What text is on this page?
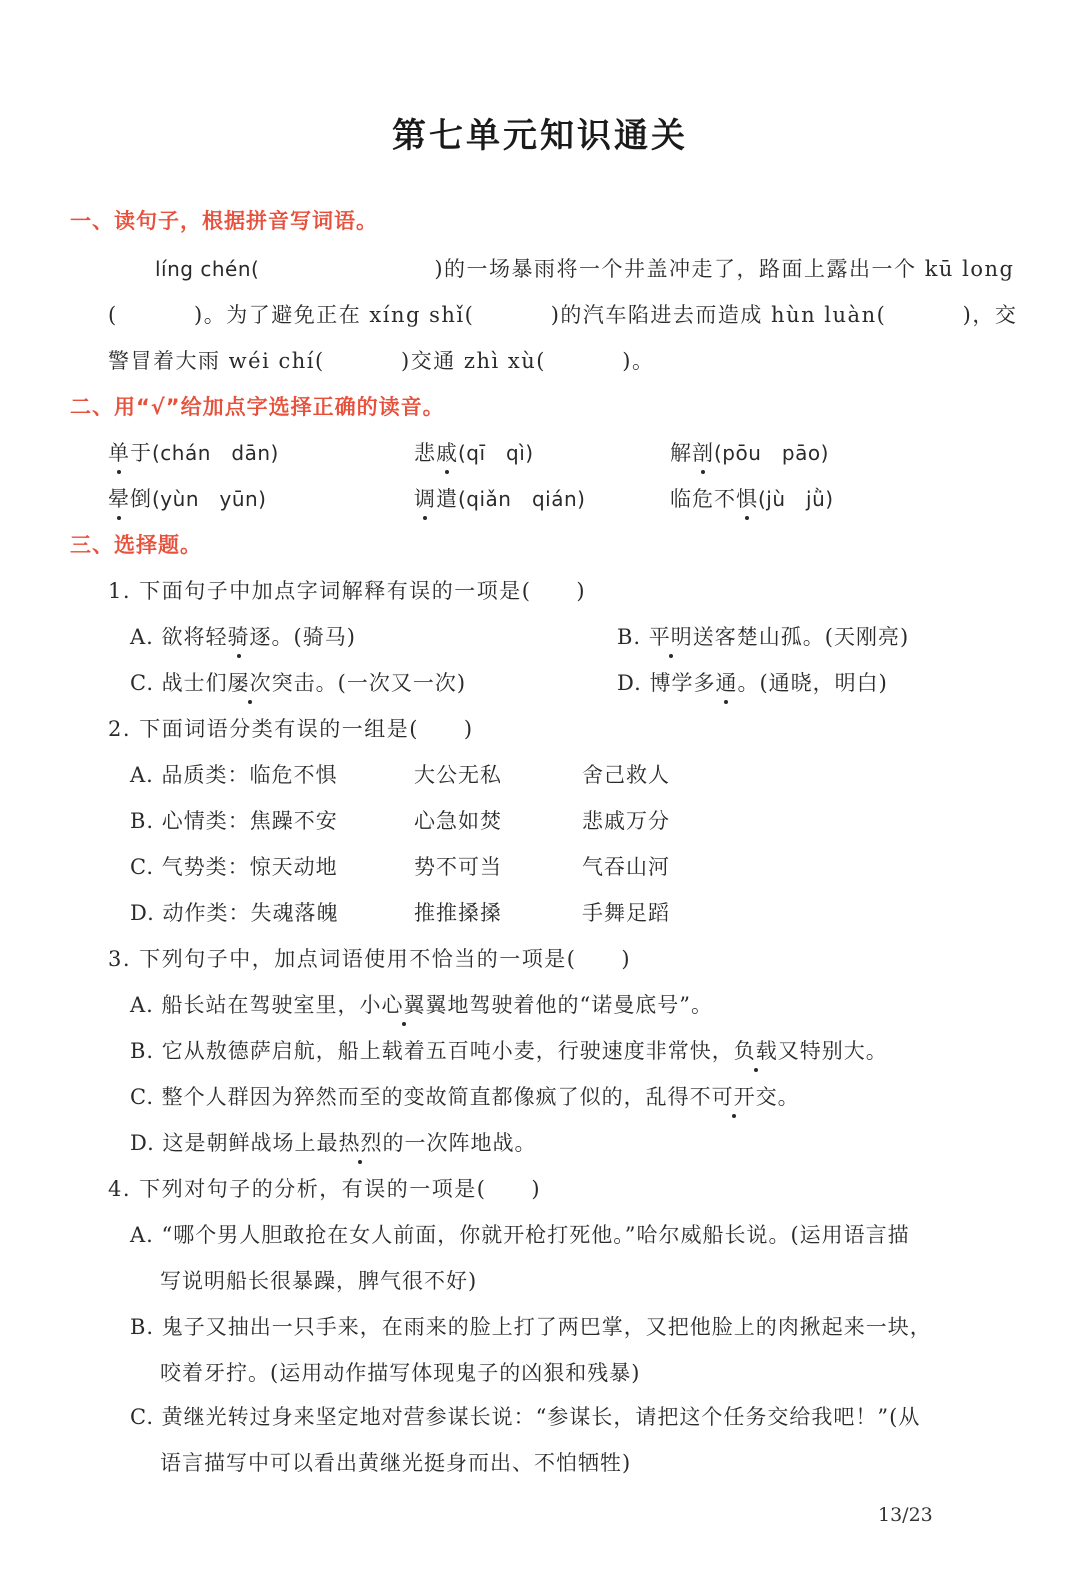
第七单元知识通关
一、读句子，根据拼音写词语。
líng chén(	)的一场暴雨将一个井盖冲走了，路面上露出一个 kū long
(	)。为了避免正在 xíng shǐ(	)的汽车陷进去而造成 hùn luàn(	)，交
警冒着大雨 wéi chí(	)交通 zhì xù(	)。
二、用“√”给加点字选择正确的读音。
单于(chán　dān)	悲戚(qī　qì)	解剖(pōu　pāo)
晕倒(yùn　yūn)	调遣(qiǎn　qián)	临危不惧(jù　jǜ)
三、选择题。
1. 下面句子中加点字词解释有误的一项是(　　)
A. 欲将轻骑逐。(骑马)	B. 平明送客楚山孤。(天刚亮)
C. 战士们屡次突击。(一次又一次)	D. 博学多通。(通晓，明白)
2. 下面词语分类有误的一组是(　　)
A. 品质类：临危不惧	大公无私	舍己救人
B. 心情类：焦躁不安	心急如焚	悲戚万分
C. 气势类：惊天动地	势不可当	气吞山河
D. 动作类：失魂落魄	推推搡搡	手舞足蹈
3. 下列句子中，加点词语使用不恰当的一项是(　　)
A. 船长站在驾驶室里，小心翼翼地驾驶着他的“诺曼底号”。
B. 它从敖德萨启航，船上载着五百吨小麦，行驶速度非常快，负载又特别大。
C. 整个人群因为猝然而至的变故简直都像疯了似的，乱得不可开交。
D. 这是朝鲜战场上最热烈的一次阵地战。
4. 下列对句子的分析，有误的一项是(　　)
A. “哪个男人胆敢抢在女人前面，你就开枪打死他。”哈尔威船长说。(运用语言描
写说明船长很暴躁，脾气很不好)
B. 鬼子又抽出一只手来，在雨来的脸上打了两巴掌，又把他脸上的肉揪起来一块，
咬着牙拧。(运用动作描写体现鬼子的凶狠和残暴)
C. 黄继光转过身来坚定地对营参谋长说：“参谋长，请把这个任务交给我吧！”(从
语言描写中可以看出黄继光挺身而出、不怕牺牲)
13/23
